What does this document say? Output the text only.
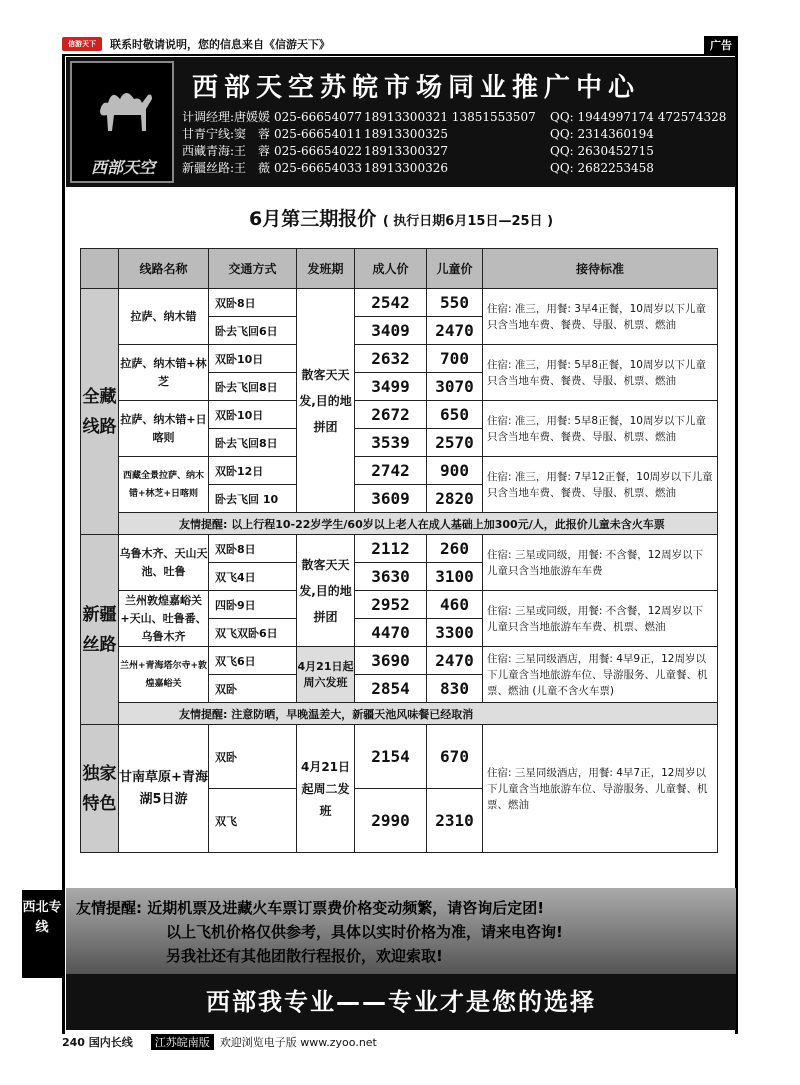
信游天下	联系时敬请说明，您的信息来自《信游天下》	广告
西部天空
西部天空苏皖市场同业推广中心
计调经理:唐媛媛 025-66654077 18913300321 13851553507	QQ: 1944997174 472574328
甘青宁线:窦　蓉 025-66654011 18913300325	QQ: 2314360194
西藏青海:王　蓉 025-66654022 18913300327	QQ: 2630452715
新疆丝路:王　薇 025-66654033 18913300326	QQ: 2682253458
6月第三期报价 ( 执行日期6月15日—25日 )
	线路名称	交通方式	发班期	成人价	儿童价	接待标准
全藏线路	拉萨、纳木错	双卧8日	散客天天发,目的地拼团	2542	550	住宿: 准三，用餐: 3早4正餐，10周岁以下儿童只含当地车费、餐费、导服、机票、燃油
		卧去飞回6日		3409	2470	
	拉萨、纳木错+林芝	双卧10日		2632	700	住宿: 准三，用餐: 5早8正餐，10周岁以下儿童只含当地车费、餐费、导服、机票、燃油
		卧去飞回8日		3499	3070	
	拉萨、纳木错+日喀则	双卧10日		2672	650	住宿: 准三，用餐: 5早8正餐，10周岁以下儿童只含当地车费、餐费、导服、机票、燃油
		卧去飞回8日		3539	2570	
	西藏全景拉萨、纳木错+林芝+日喀则	双卧12日		2742	900	住宿: 准三，用餐: 7早12正餐，10周岁以下儿童只含当地车费、餐费、导服、机票、燃油
		卧去飞回 10		3609	2820	
	友情提醒: 以上行程10-22岁学生/60岁以上老人在成人基础上加300元/人，此报价儿童未含火车票					
新疆丝路	乌鲁木齐、天山天池、吐鲁	双卧8日	散客天天发,目的地拼团	2112	260	住宿: 三星或同级，用餐: 不含餐，12周岁以下儿童只含当地旅游车车费
		双飞4日		3630	3100	
	兰州敦煌嘉峪关+天山、吐鲁番、乌鲁木齐	四卧9日		2952	460	住宿: 三星或同级，用餐: 不含餐，12周岁以下儿童只含当地旅游车车费、机票、燃油
		双飞双卧6日		4470	3300	
	兰州+青海塔尔寺+敦煌嘉峪关	双飞6日	4月21日起周六发班	3690	2470	住宿: 三星同级酒店，用餐: 4早9正，12周岁以下儿童含当地旅游车位、导游服务、儿童餐、机票、燃油 (儿童不含火车票)
		双卧		2854	830	
	友情提醒: 注意防晒，早晚温差大，新疆天池风味餐已经取消					
独家特色	甘南草原+青海湖5日游	双卧	4月21日起周二发班	2154	670	住宿: 三星同级酒店，用餐: 4早7正，12周岁以下儿童含当地旅游车位、导游服务、儿童餐、机票、燃油
		双飞		2990	2310	
西北专线
友情提醒: 近期机票及进藏火车票订票费价格变动频繁，请咨询后定团!
以上飞机价格仅供参考，具体以实时价格为准，请来电咨询!
另我社还有其他团散行程报价，欢迎索取!
西部我专业——专业才是您的选择
240 国内长线	江苏皖南版 欢迎浏览电子版 www.zyoo.net
